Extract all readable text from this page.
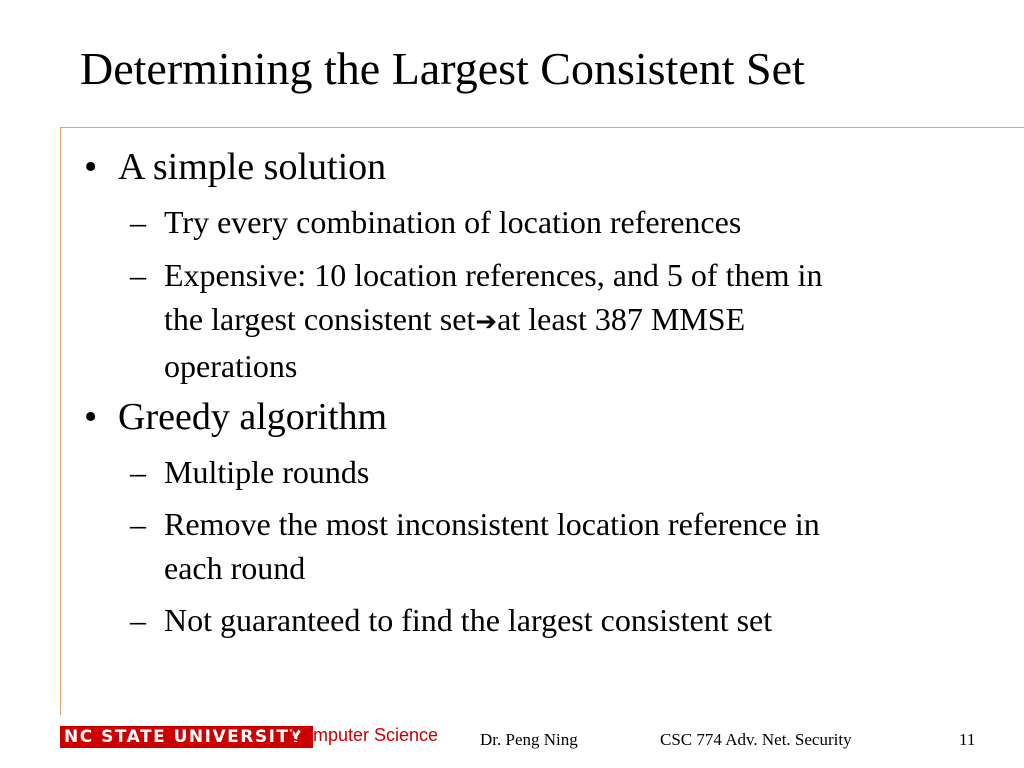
Determining the Largest Consistent Set
• A simple solution
– Try every combination of location references
– Expensive: 10 location references, and 5 of them in
the largest consistent set➔at least 387 MMSE
operations
• Greedy algorithm
– Multiple rounds
– Remove the most inconsistent location reference in
each round
– Not guaranteed to find the largest consistent set
NC STATE UNIVERSITY
Computer Science Dr. Peng Ning	CSC 774 Adv. Net. Security	11
